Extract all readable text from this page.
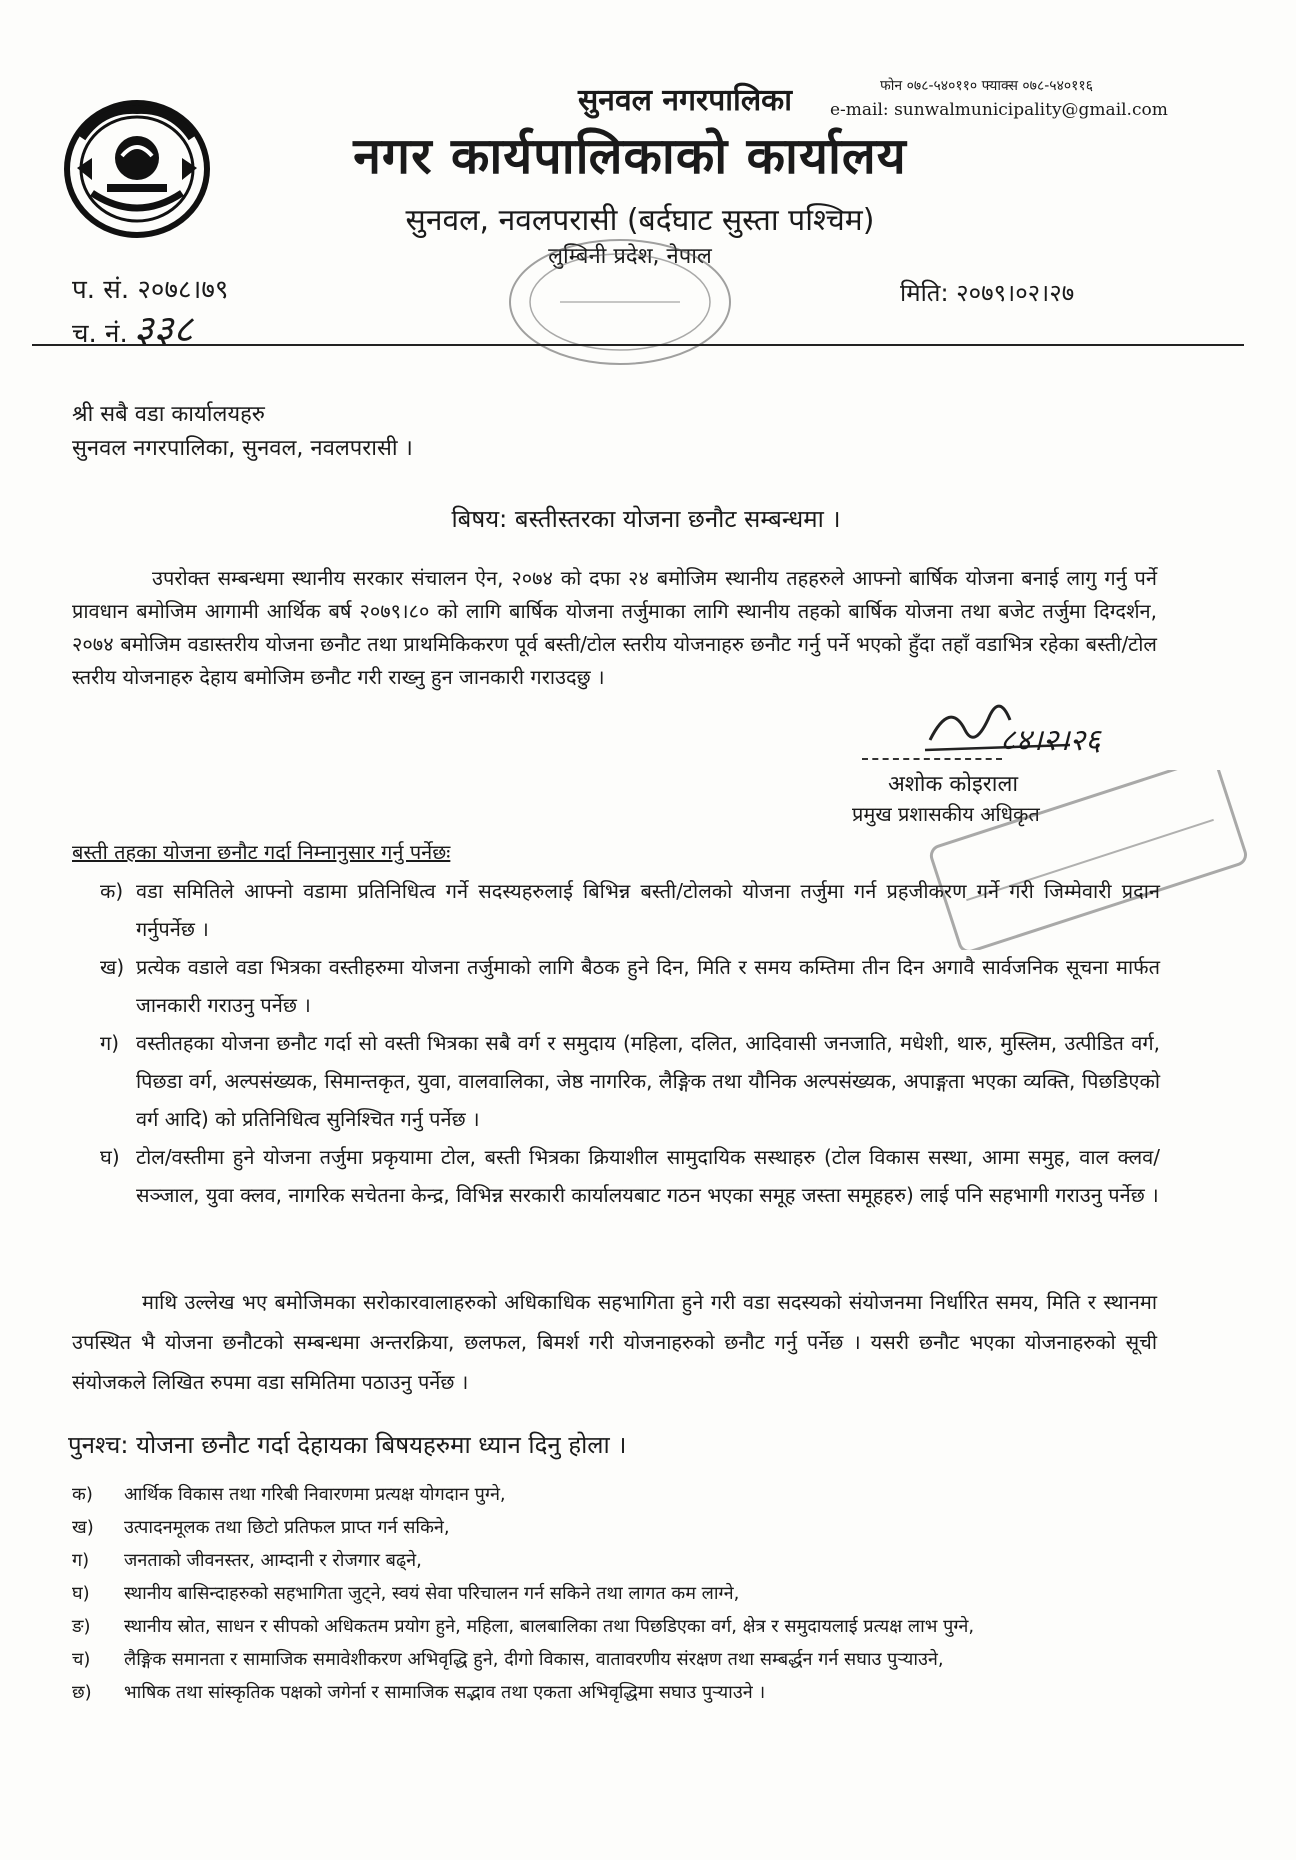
सुनवल नगरपालिका
नगर कार्यपालिकाको कार्यालय
सुनवल, नवलपरासी (बर्दघाट सुस्ता पश्चिम)
लुम्बिनी प्रदेश, नेपाल
फोन ०७८-५४०११० फ्याक्स ०७८-५४०११६
e-mail: sunwalmunicipality@gmail.com
प. सं. २०७८।७९
च. नं. ३३८
मिति: २०७९।०२।२७
श्री सबै वडा कार्यालयहरु
सुनवल नगरपालिका, सुनवल, नवलपरासी ।
बिषय: बस्तीस्तरका योजना छनौट सम्बन्धमा ।
उपरोक्त सम्बन्धमा स्थानीय सरकार संचालन ऐन, २०७४ को दफा २४ बमोजिम स्थानीय तहहरुले आफ्नो बार्षिक योजना बनाई लागु गर्नु पर्ने प्रावधान बमोजिम आगामी आर्थिक बर्ष २०७९।८० को लागि बार्षिक योजना तर्जुमाका लागि स्थानीय तहको बार्षिक योजना तथा बजेट तर्जुमा दिग्दर्शन, २०७४ बमोजिम वडास्तरीय योजना छनौट तथा प्राथमिकिकरण पूर्व बस्ती/टोल स्तरीय योजनाहरु छनौट गर्नु पर्ने भएको हुँदा तहाँ वडाभित्र रहेका बस्ती/टोल स्तरीय योजनाहरु देहाय बमोजिम छनौट गरी राख्नु हुन जानकारी गराउदछु ।
८४।२।२६
अशोक कोइराला
प्रमुख प्रशासकीय अधिकृत
बस्ती तहका योजना छनौट गर्दा निम्नानुसार गर्नु पर्नेछः
क) वडा समितिले आफ्नो वडामा प्रतिनिधित्व गर्ने सदस्यहरुलाई बिभिन्न बस्ती/टोलको योजना तर्जुमा गर्न प्रहजीकरण गर्ने गरी जिम्मेवारी प्रदान गर्नुपर्नेछ ।
ख) प्रत्येक वडाले वडा भित्रका वस्तीहरुमा योजना तर्जुमाको लागि बैठक हुने दिन, मिति र समय कम्तिमा तीन दिन अगावै सार्वजनिक सूचना मार्फत जानकारी गराउनु पर्नेछ ।
ग) वस्तीतहका योजना छनौट गर्दा सो वस्ती भित्रका सबै वर्ग र समुदाय (महिला, दलित, आदिवासी जनजाति, मधेशी, थारु, मुस्लिम, उत्पीडित वर्ग, पिछडा वर्ग, अल्पसंख्यक, सिमान्तकृत, युवा, वालवालिका, जेष्ठ नागरिक, लैङ्गिक तथा यौनिक अल्पसंख्यक, अपाङ्गता भएका व्यक्ति, पिछडिएको वर्ग आदि) को प्रतिनिधित्व सुनिश्चित गर्नु पर्नेछ ।
घ) टोल/वस्तीमा हुने योजना तर्जुमा प्रकृयामा टोल, बस्ती भित्रका क्रियाशील सामुदायिक सस्थाहरु (टोल विकास सस्था, आमा समुह, वाल क्लव/सञ्जाल, युवा क्लव, नागरिक सचेतना केन्द्र, विभिन्न सरकारी कार्यालयबाट गठन भएका समूह जस्ता समूहहरु) लाई पनि सहभागी गराउनु पर्नेछ ।
माथि उल्लेख भए बमोजिमका सरोकारवालाहरुको अधिकाधिक सहभागिता हुने गरी वडा सदस्यको संयोजनमा निर्धारित समय, मिति र स्थानमा उपस्थित भै योजना छनौटको सम्बन्धमा अन्तरक्रिया, छलफल, बिमर्श गरी योजनाहरुको छनौट गर्नु पर्नेछ । यसरी छनौट भएका योजनाहरुको सूची संयोजकले लिखित रुपमा वडा समितिमा पठाउनु पर्नेछ ।
पुनश्च: योजना छनौट गर्दा देहायका बिषयहरुमा ध्यान दिनु होला ।
क) आर्थिक विकास तथा गरिबी निवारणमा प्रत्यक्ष योगदान पुग्ने,
ख) उत्पादनमूलक तथा छिटो प्रतिफल प्राप्त गर्न सकिने,
ग) जनताको जीवनस्तर, आम्दानी र रोजगार बढ्ने,
घ) स्थानीय बासिन्दाहरुको सहभागिता जुट्ने, स्वयं सेवा परिचालन गर्न सकिने तथा लागत कम लाग्ने,
ङ) स्थानीय स्रोत, साधन र सीपको अधिकतम प्रयोग हुने, महिला, बालबालिका तथा पिछडिएका वर्ग, क्षेत्र र समुदायलाई प्रत्यक्ष लाभ पुग्ने,
च) लैङ्गिक समानता र सामाजिक समावेशीकरण अभिवृद्धि हुने, दीगो विकास, वातावरणीय संरक्षण तथा सम्बर्द्धन गर्न सघाउ पुऱ्याउने,
छ) भाषिक तथा सांस्कृतिक पक्षको जगेर्ना र सामाजिक सद्भाव तथा एकता अभिवृद्धिमा सघाउ पुऱ्याउने ।
